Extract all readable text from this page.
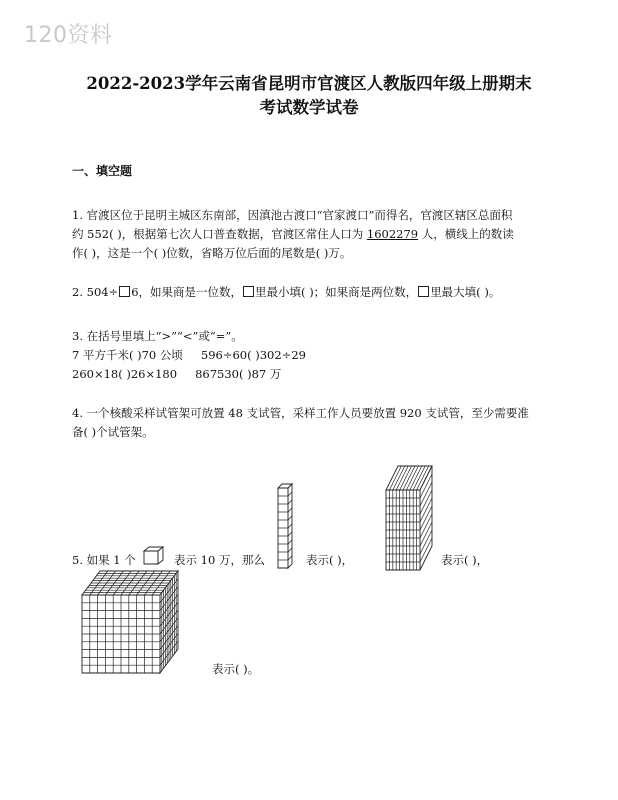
120资料
2022-2023学年云南省昆明市官渡区人教版四年级上册期末
考试数学试卷
一、填空题
1. 官渡区位于昆明主城区东南部，因滇池古渡口“官家渡口”而得名，官渡区辖区总面积
约 552( )，根据第七次人口普查数据，官渡区常住人口为 1602279 人，横线上的数读
作( )，这是一个( )位数，省略万位后面的尾数是( )万。
2. 504÷ 6，如果商是一位数， 里最小填( )；如果商是两位数， 里最大填( )。
3. 在括号里填上“>”“<”或“=”。
7 平方千米( )70 公顷 596÷60( )302÷29
260×18( )26×180 867530( )87 万
4. 一个核酸采样试管架可放置 48 支试管，采样工作人员要放置 920 支试管，至少需要准
备( )个试管架。
5. 如果 1 个	表示 10 万，那么	表示( )，	表示( )，
表示( )。
